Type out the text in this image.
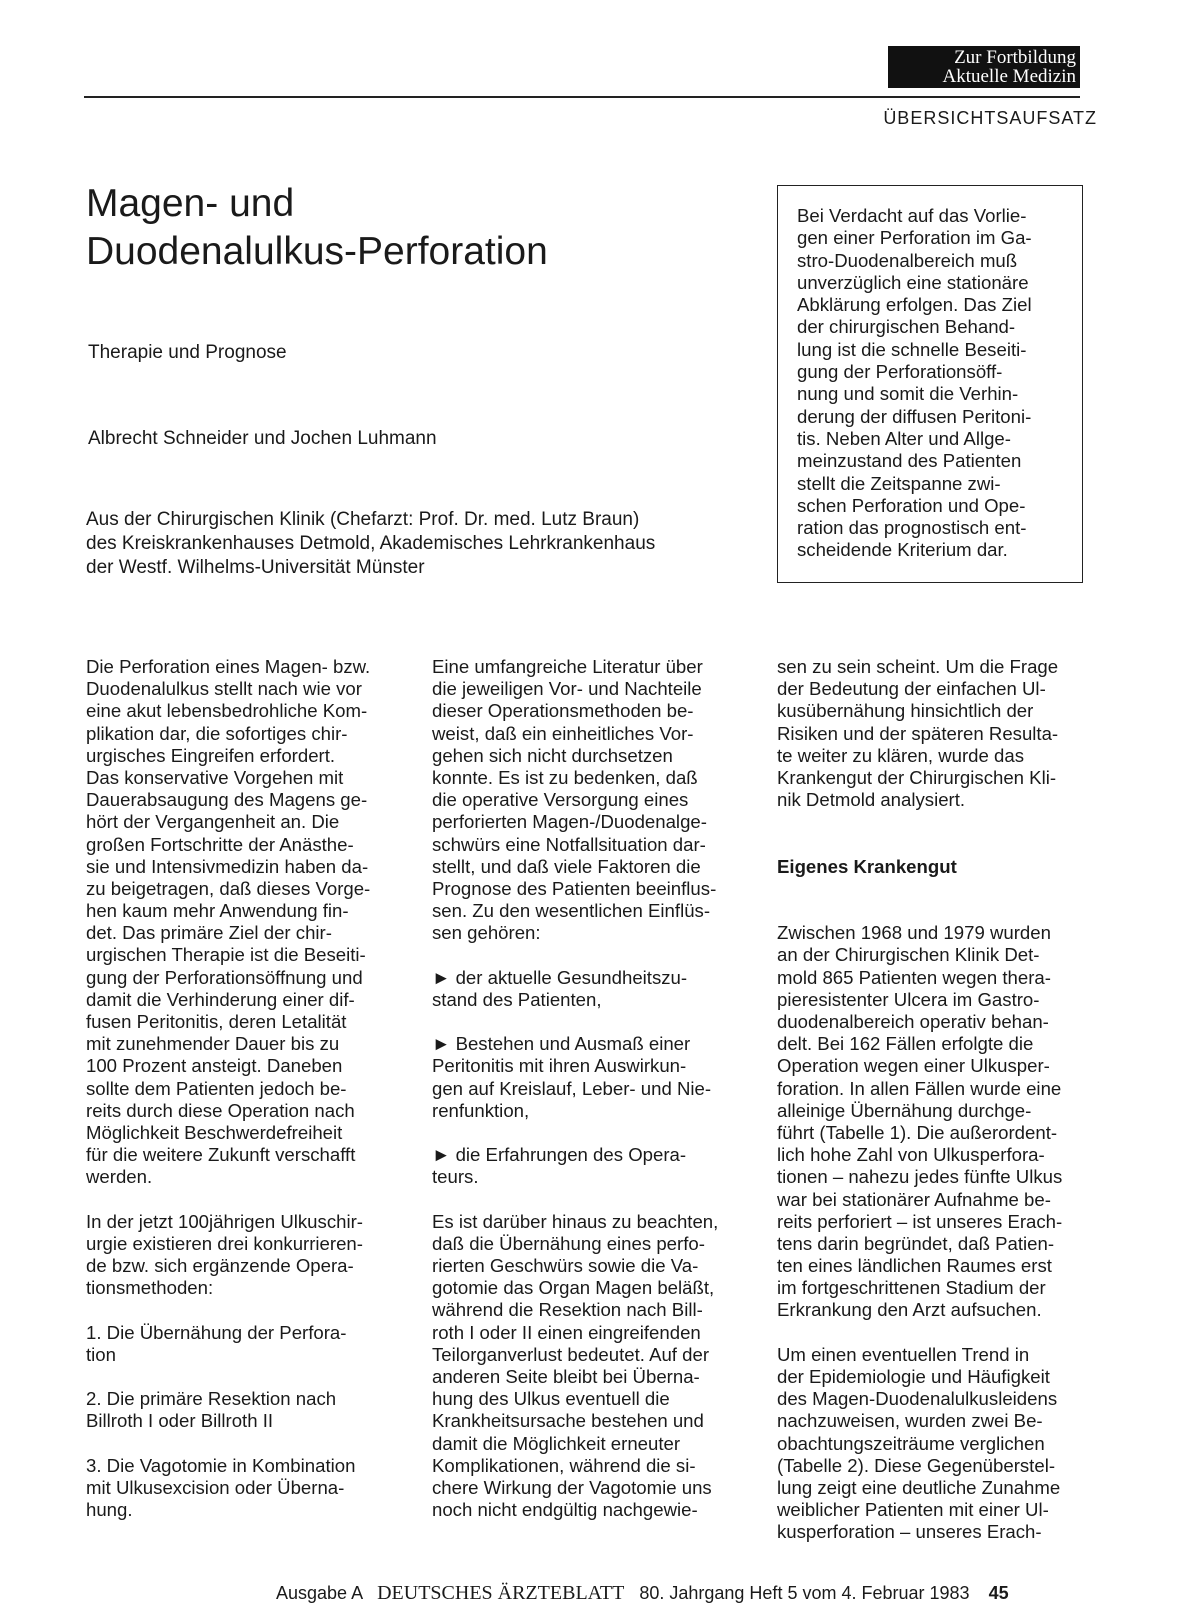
Zur Fortbildung
Aktuelle Medizin
ÜBERSICHTSAUFSATZ
Magen- und
Duodenalulkus-Perforation
Therapie und Prognose
Albrecht Schneider und Jochen Luhmann
Aus der Chirurgischen Klinik (Chefarzt: Prof. Dr. med. Lutz Braun)
des Kreiskrankenhauses Detmold, Akademisches Lehrkrankenhaus
der Westf. Wilhelms-Universität Münster
Bei Verdacht auf das Vorlie-
gen einer Perforation im Ga-
stro-Duodenalbereich muß
unverzüglich eine stationäre
Abklärung erfolgen. Das Ziel
der chirurgischen Behand-
lung ist die schnelle Beseiti-
gung der Perforationsöff-
nung und somit die Verhin-
derung der diffusen Peritoni-
tis. Neben Alter und Allge-
meinzustand des Patienten
stellt die Zeitspanne zwi-
schen Perforation und Ope-
ration das prognostisch ent-
scheidende Kriterium dar.
Die Perforation eines Magen- bzw.
Duodenalulkus stellt nach wie vor
eine akut lebensbedrohliche Kom-
plikation dar, die sofortiges chir-
urgisches Eingreifen erfordert.
Das konservative Vorgehen mit
Dauerabsaugung des Magens ge-
hört der Vergangenheit an. Die
großen Fortschritte der Anästhe-
sie und Intensivmedizin haben da-
zu beigetragen, daß dieses Vorge-
hen kaum mehr Anwendung fin-
det. Das primäre Ziel der chir-
urgischen Therapie ist die Beseiti-
gung der Perforationsöffnung und
damit die Verhinderung einer dif-
fusen Peritonitis, deren Letalität
mit zunehmender Dauer bis zu
100 Prozent ansteigt. Daneben
sollte dem Patienten jedoch be-
reits durch diese Operation nach
Möglichkeit Beschwerdefreiheit
für die weitere Zukunft verschafft
werden.
In der jetzt 100jährigen Ulkuschir-
urgie existieren drei konkurrieren-
de bzw. sich ergänzende Opera-
tionsmethoden:
1. Die Übernähung der Perfora-
tion
2. Die primäre Resektion nach
Billroth I oder Billroth II
3. Die Vagotomie in Kombination
mit Ulkusexcision oder Überna-
hung.
Eine umfangreiche Literatur über
die jeweiligen Vor- und Nachteile
dieser Operationsmethoden be-
weist, daß ein einheitliches Vor-
gehen sich nicht durchsetzen
konnte. Es ist zu bedenken, daß
die operative Versorgung eines
perforierten Magen-/Duodenalge-
schwürs eine Notfallsituation dar-
stellt, und daß viele Faktoren die
Prognose des Patienten beeinflus-
sen. Zu den wesentlichen Einflüs-
sen gehören:
► der aktuelle Gesundheitszu-
stand des Patienten,
► Bestehen und Ausmaß einer
Peritonitis mit ihren Auswirkun-
gen auf Kreislauf, Leber- und Nie-
renfunktion,
► die Erfahrungen des Opera-
teurs.
Es ist darüber hinaus zu beachten,
daß die Übernähung eines perfo-
rierten Geschwürs sowie die Va-
gotomie das Organ Magen beläßt,
während die Resektion nach Bill-
roth I oder II einen eingreifenden
Teilorganverlust bedeutet. Auf der
anderen Seite bleibt bei Überna-
hung des Ulkus eventuell die
Krankheitsursache bestehen und
damit die Möglichkeit erneuter
Komplikationen, während die si-
chere Wirkung der Vagotomie uns
noch nicht endgültig nachgewie-
sen zu sein scheint. Um die Frage
der Bedeutung der einfachen Ul-
kusübernähung hinsichtlich der
Risiken und der späteren Resulta-
te weiter zu klären, wurde das
Krankengut der Chirurgischen Kli-
nik Detmold analysiert.
Eigenes Krankengut
Zwischen 1968 und 1979 wurden
an der Chirurgischen Klinik Det-
mold 865 Patienten wegen thera-
pieresistenter Ulcera im Gastro-
duodenalbereich operativ behan-
delt. Bei 162 Fällen erfolgte die
Operation wegen einer Ulkusper-
foration. In allen Fällen wurde eine
alleinige Übernähung durchge-
führt (Tabelle 1). Die außerordent-
lich hohe Zahl von Ulkusperfora-
tionen – nahezu jedes fünfte Ulkus
war bei stationärer Aufnahme be-
reits perforiert – ist unseres Erach-
tens darin begründet, daß Patien-
ten eines ländlichen Raumes erst
im fortgeschrittenen Stadium der
Erkrankung den Arzt aufsuchen.
Um einen eventuellen Trend in
der Epidemiologie und Häufigkeit
des Magen-Duodenalulkusleidens
nachzuweisen, wurden zwei Be-
obachtungszeiträume verglichen
(Tabelle 2). Diese Gegenüberstel-
lung zeigt eine deutliche Zunahme
weiblicher Patienten mit einer Ul-
kusperforation – unseres Erach-
Ausgabe A DEUTSCHES ÄRZTEBLATT 80. Jahrgang Heft 5 vom 4. Februar 1983 45
